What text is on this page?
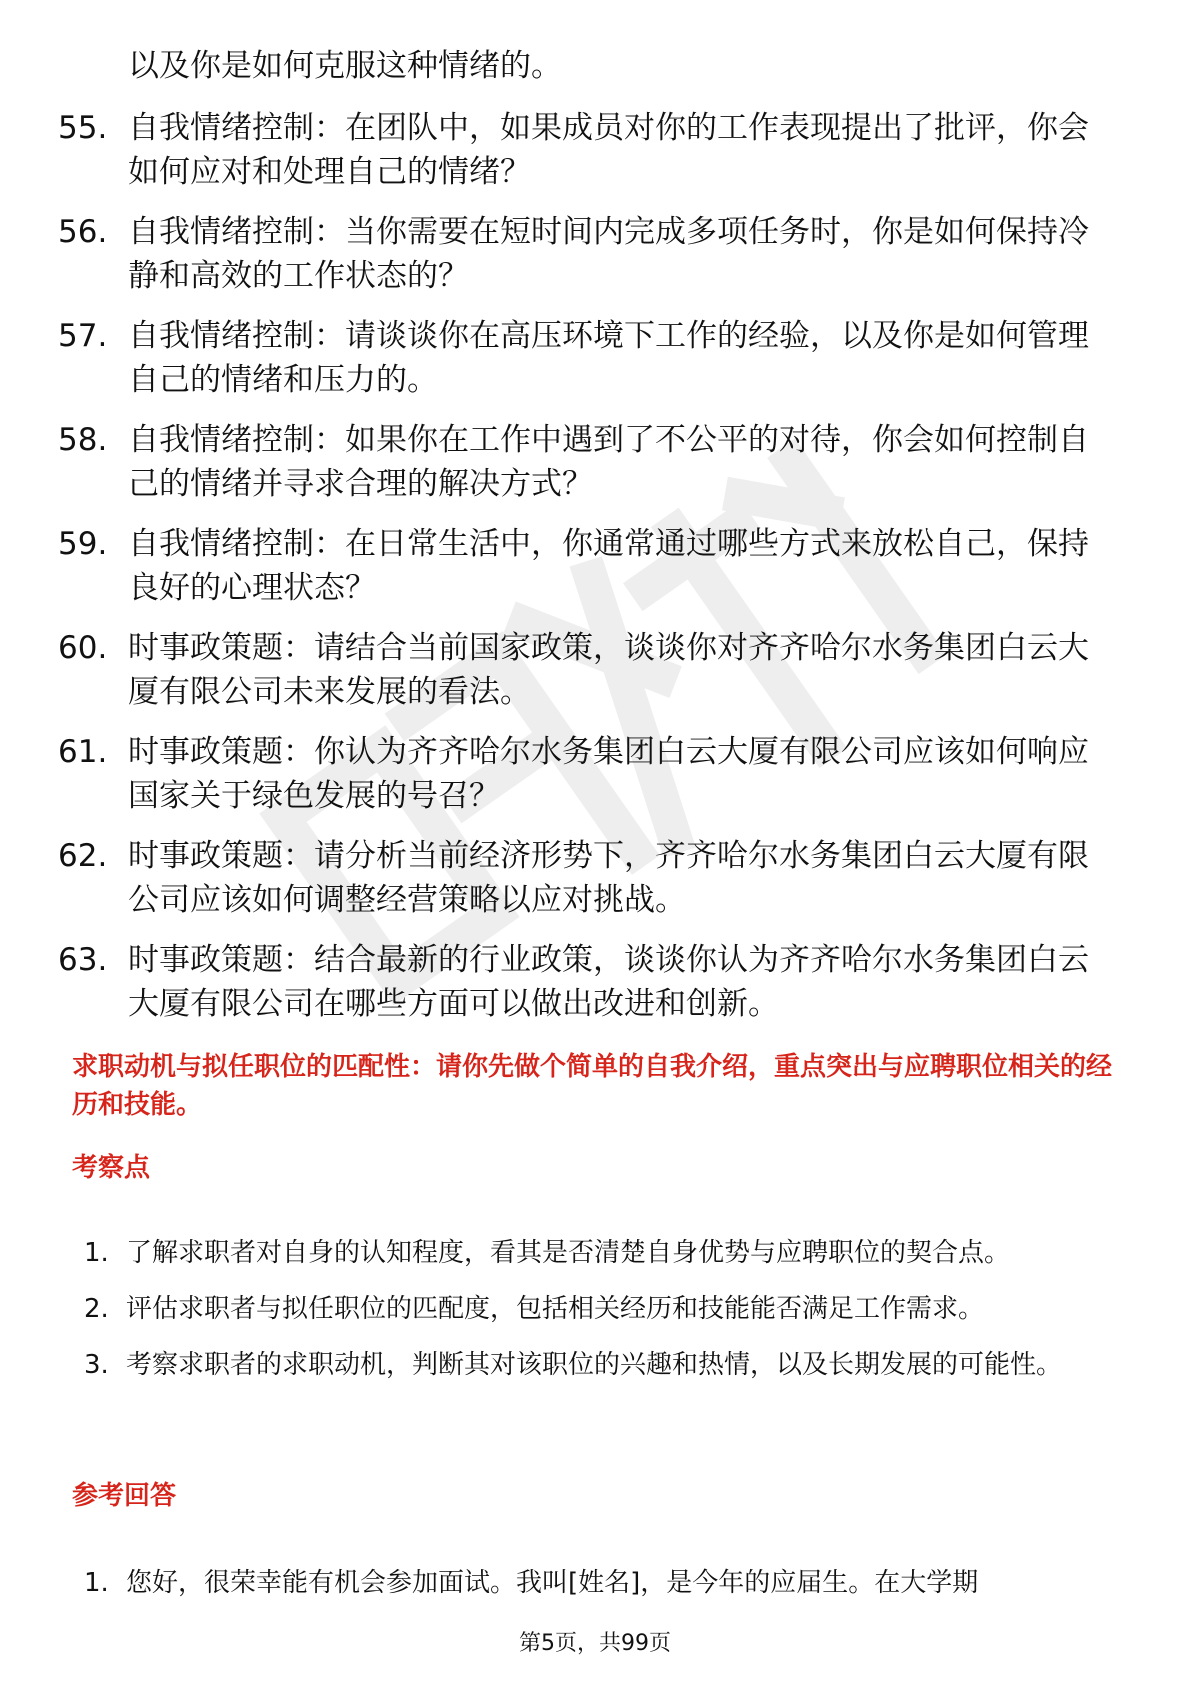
以及你是如何克服这种情绪的。
55. 自我情绪控制：在团队中，如果成员对你的工作表现提出了批评，你会如何应对和处理自己的情绪？
56. 自我情绪控制：当你需要在短时间内完成多项任务时，你是如何保持冷静和高效的工作状态的？
57. 自我情绪控制：请谈谈你在高压环境下工作的经验，以及你是如何管理自己的情绪和压力的。
58. 自我情绪控制：如果你在工作中遇到了不公平的对待，你会如何控制自己的情绪并寻求合理的解决方式？
59. 自我情绪控制：在日常生活中，你通常通过哪些方式来放松自己，保持良好的心理状态？
60. 时事政策题：请结合当前国家政策，谈谈你对齐齐哈尔水务集团白云大厦有限公司未来发展的看法。
61. 时事政策题：你认为齐齐哈尔水务集团白云大厦有限公司应该如何响应国家关于绿色发展的号召？
62. 时事政策题：请分析当前经济形势下，齐齐哈尔水务集团白云大厦有限公司应该如何调整经营策略以应对挑战。
63. 时事政策题：结合最新的行业政策，谈谈你认为齐齐哈尔水务集团白云大厦有限公司在哪些方面可以做出改进和创新。
求职动机与拟任职位的匹配性：请你先做个简单的自我介绍，重点突出与应聘职位相关的经历和技能。
考察点
1. 了解求职者对自身的认知程度，看其是否清楚自身优势与应聘职位的契合点。
2. 评估求职者与拟任职位的匹配度，包括相关经历和技能能否满足工作需求。
3. 考察求职者的求职动机，判断其对该职位的兴趣和热情，以及长期发展的可能性。
参考回答
1. 您好，很荣幸能有机会参加面试。我叫[姓名]，是今年的应届生。在大学期
第5页，共99页
